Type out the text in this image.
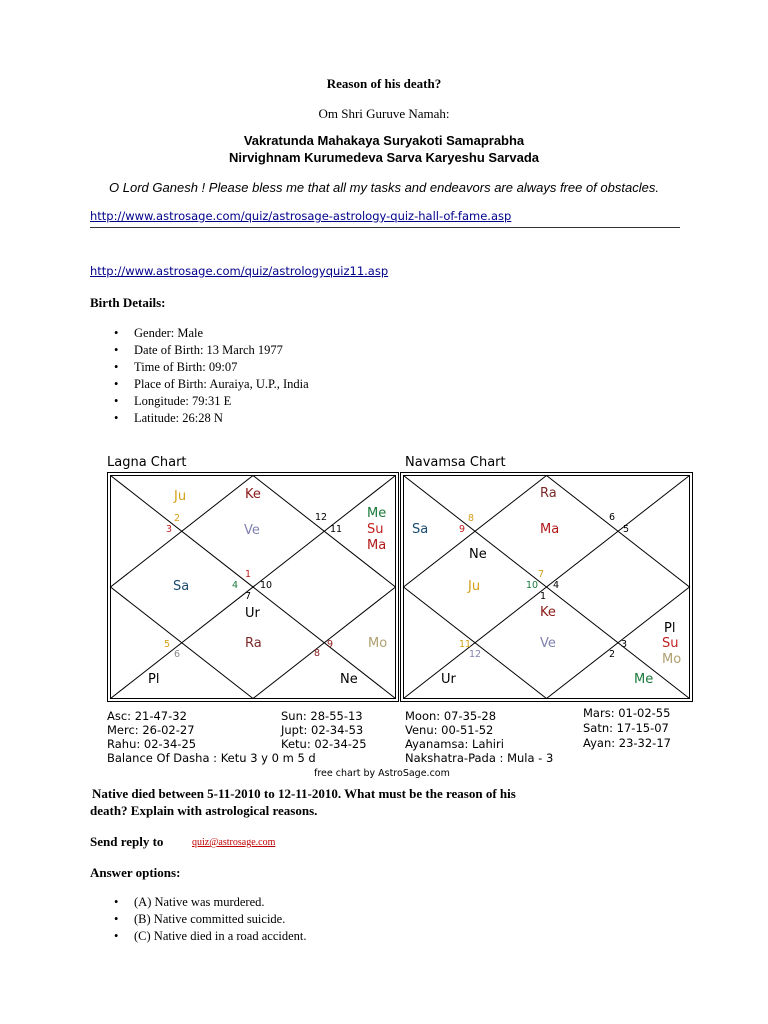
Reason of his death?
Om Shri Guruve Namah:
Vakratunda Mahakaya Suryakoti Samaprabha
Nirvighnam Kurumedeva Sarva Karyeshu Sarvada
O Lord Ganesh ! Please bless me that all my tasks and endeavors are always free of obstacles.
http://www.astrosage.com/quiz/astrosage-astrology-quiz-hall-of-fame.asp
http://www.astrosage.com/quiz/astrologyquiz11.asp
Birth Details:
• Gender: Male
• Date of Birth: 13 March 1977
• Time of Birth: 09:07
• Place of Birth: Auraiya, U.P., India
• Longitude: 79:31 E
• Latitude: 26:28 N
Lagna Chart
Ju	Ke
Me
Su
Ma
Ve
Sa
Ur
Ra	Mo
Pl	Ne
2
3
12
11
1
4 10
7
5
6
9
8
Navamsa Chart
Ra
Sa	Ma
Ne
Ju
Ke
Ve
Pl
Su
Mo
Ur	Me
8
9
6
5
7
10 4
1
11
12
3
2
Asc: 21-47-32
Merc: 26-02-27
Rahu: 02-34-25
Balance Of Dasha : Ketu 3 y 0 m 5 d
Sun: 28-55-13
Jupt: 02-34-53
Ketu: 02-34-25
Moon: 07-35-28
Venu: 00-51-52
Ayanamsa: Lahiri
Nakshatra-Pada : Mula - 3
Mars: 01-02-55
Satn: 17-15-07
Ayan: 23-32-17
free chart by AstroSage.com
Native died between 5-11-2010 to 12-11-2010. What must be the reason of his
death? Explain with astrological reasons.
Send reply to	quiz@astrosage.com
Answer options:
• (A) Native was murdered.
• (B) Native committed suicide.
• (C) Native died in a road accident.
